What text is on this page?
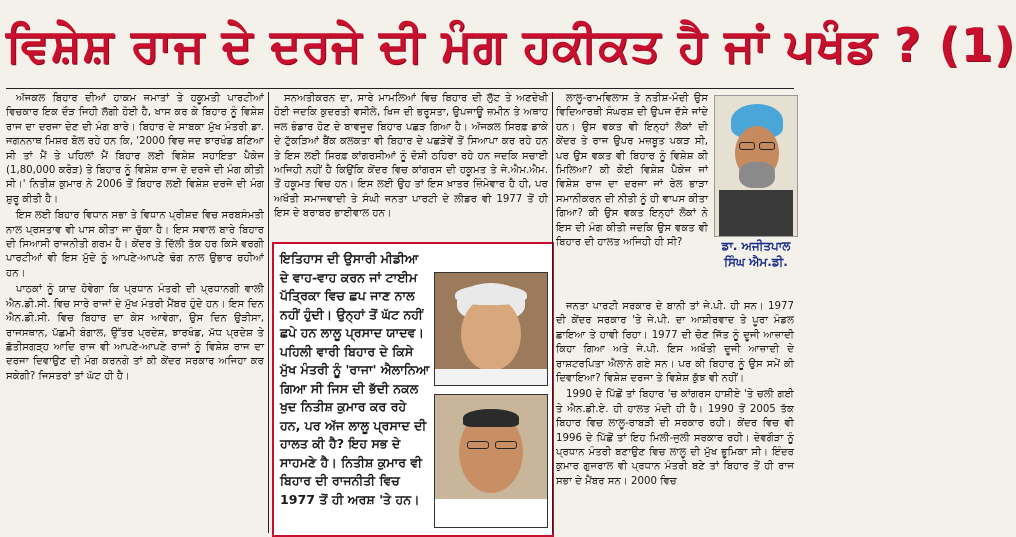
ਵਿਸ਼ੇਸ਼ ਰਾਜ ਦੇ ਦਰਜੇ ਦੀ ਮੰਗ ਹਕੀਕਤ ਹੈ ਜਾਂ ਪਖੰਡ ? (1)

ਅੱਜਕਲ ਬਿਹਾਰ ਦੀਆਂ ਹਾਕਮ ਜਮਾਤਾਂ ਤੇ ਹਕੂਮਤੀ ਪਾਰਟੀਆਂ ਵਿਚਕਾਰ ਇਕ ਦੌੜ ਜਿਹੀ ਲੱਗੀ ਹੋਈ ਹੈ, ਖਾਸ ਕਰ ਕੇ ਬਿਹਾਰ ਨੂੰ ਵਿਸ਼ੇਸ਼ ਰਾਜ ਦਾ ਦਰਜਾ ਦੇਣ ਦੀ ਮੰਗ ਬਾਰੇ। ਬਿਹਾਰ ਦੇ ਸਾਬਕਾ ਮੁੱਖ ਮੰਤਰੀ ਡਾ. ਜਗਨਨਾਥ ਮਿਸ਼ਰ ਬੋਲ ਰਹੇ ਹਨ ਕਿ, '2000 ਵਿਚ ਜਦ ਝਾਰਖੰਡ ਬਣਿਆ ਸੀ ਤਾਂ ਮੈਂ ਤੇ ਪਹਿਲਾਂ ਮੈਂ ਬਿਹਾਰ ਲਈ ਵਿਸ਼ੇਸ਼ ਸਹਾਇਤਾ ਪੈਕੇਜ (1,80,000 ਕਰੋੜ) ਤੇ ਬਿਹਾਰ ਨੂੰ ਵਿਸ਼ੇਸ਼ ਰਾਜ ਦੇ ਦਰਜੇ ਦੀ ਮੰਗ ਕੀਤੀ ਸੀ।' ਨਿਤੀਸ਼ ਕੁਮਾਰ ਨੇ 2006 ਤੋਂ ਬਿਹਾਰ ਲਈ ਵਿਸ਼ੇਸ਼ ਦਰਜੇ ਦੀ ਮੰਗ ਸ਼ੁਰੂ ਕੀਤੀ ਹੈ।

ਇਸ ਲਈ ਬਿਹਾਰ ਵਿਧਾਨ ਸਭਾ ਤੇ ਵਿਧਾਨ ਪ੍ਰੀਸ਼ਦ ਵਿਚ ਸਰਬਸੰਮਤੀ ਨਾਲ ਪ੍ਰਸਤਾਵ ਵੀ ਪਾਸ ਕੀਤਾ ਜਾ ਚੁੱਕਾ ਹੈ। ਇਸ ਸਵਾਲ ਬਾਰੇ ਬਿਹਾਰ ਦੀ ਸਿਆਸੀ ਰਾਜਨੀਤੀ ਗਰਮ ਹੈ। ਕੇਂਦਰ ਤੇ ਦਿੱਲੀ ਤੱਕ ਹਰ ਕਿਸੇ ਵਰਗੀ ਪਾਰਟੀਆਂ ਵੀ ਇਸ ਮੁੱਦੇ ਨੂੰ ਆਪਣੇ-ਆਪਣੇ ਢੰਗ ਨਾਲ ਉਭਾਰ ਰਹੀਆਂ ਹਨ।

ਪਾਠਕਾਂ ਨੂੰ ਯਾਦ ਹੋਵੇਗਾ ਕਿ ਪ੍ਰਧਾਨ ਮੰਤਰੀ ਦੀ ਪ੍ਰਧਾਨਗੀ ਵਾਲੀ ਐਨ.ਡੀ.ਸੀ. ਵਿਚ ਸਾਰੇ ਰਾਜਾਂ ਦੇ ਮੁੱਖ ਮੰਤਰੀ ਮੈਂਬਰ ਹੁੰਦੇ ਹਨ। ਇਸ ਦਿਨ ਐਨ.ਡੀ.ਸੀ. ਵਿਚ ਬਿਹਾਰ ਦਾ ਕੇਸ ਆਵੇਗਾ, ਉਸ ਦਿਨ ਉੜੀਸਾ, ਰਾਜਸਥਾਨ, ਪੱਛਮੀ ਬੰਗਾਲ, ਉੱਤਰ ਪ੍ਰਦੇਸ਼, ਝਾਰਖੰਡ, ਮੱਧ ਪ੍ਰਦੇਸ਼ ਤੇ ਛੱਤੀਸਗੜ੍ਹ ਆਦਿ ਰਾਜ ਵੀ ਆਪਣੇ-ਆਪਣੇ ਰਾਜਾਂ ਨੂੰ ਵਿਸ਼ੇਸ਼ ਰਾਜ ਦਾ ਦਰਜਾ ਦਿਵਾਉਣ ਦੀ ਮੰਗ ਕਰਨਗੇ ਤਾਂ ਕੀ ਕੇਂਦਰ ਸਰਕਾਰ ਅਜਿਹਾ ਕਰ ਸਕੇਗੀ? ਜਿਸਤਰਾਂ ਤਾਂ ਘੱਟ ਹੀ ਹੈ।

ਸਨਅਤੀਕਰਨ ਦਾ, ਸਾਰੇ ਮਾਮਲਿਆਂ ਵਿਚ ਬਿਹਾਰ ਦੀ ਲੁੱਟ ਤੇ ਅਣਦੇਖੀ ਹੋਈ ਜਦਕਿ ਕੁਦਰਤੀ ਵਸੀਲੇ, ਖਿਜ ਦੀ ਭਰੂਸਤਾ, ਉਪਜਾਊ ਜ਼ਮੀਨ ਤੇ ਅਥਾਹ ਜਲ ਭੰਡਾਰ ਹੋਣ ਦੇ ਬਾਵਜੂਦ ਬਿਹਾਰ ਪਛੜ ਗਿਆ ਹੈ। ਅੱਜਕਲ ਸਿਰਫ਼ ਡਾਕੇ ਦੇ ਟੁੱਕੜਿਆਂ ਬੈਂਕ ਕਲਕਤਾ ਵੀ ਬਿਹਾਰ ਦੇ ਪਛੜੇਵੇਂ ਤੋਂ ਸਿਆਪਾ ਕਰ ਰਹੇ ਹਨ ਤੇ ਇਸ ਲਈ ਸਿਰਫ਼ ਕਾਂਗਰਸੀਆਂ ਨੂੰ ਦੋਸ਼ੀ ਠਹਿਰਾ ਰਹੇ ਹਨ ਜਦਕਿ ਸਚਾਈ ਅਜਿਹੀ ਨਹੀਂ ਹੈ ਕਿਉਂਕਿ ਕੇਂਦਰ ਵਿਚ ਕਾਂਗਰਸ ਦੀ ਹਕੂਮਤ ਤੇ ਜੇ.ਐਮ.ਐਮ. ਤੋਂ ਹਕੂਮਤ ਵਿਚ ਹਨ। ਇਸ ਲਈ ਉਹ ਤਾਂ ਇਸ ਖ਼ਾਤਰ ਜ਼ਿੰਮੇਵਾਰ ਹੈ ਹੀ, ਪਰ ਅਖੌਤੀ ਸਮਾਜਵਾਦੀ ਤੇ ਸੰਘੀ ਜਨਤਾ ਪਾਰਟੀ ਦੇ ਲੀਡਰ ਵੀ 1977 ਤੋਂ ਹੀ ਇਸ ਦੇ ਬਰਾਬਰ ਭਾਈਵਾਲ ਹਨ।

ਇਤਿਹਾਸ ਦੀ ਉਸਾਰੀ ਮੀਡੀਆ ਦੇ ਵਾਹ-ਵਾਹ ਕਰਨ ਜਾਂ ਟਾਈਮ ਪੱਤ੍ਰਿਕਾ ਵਿਚ ਛਪ ਜਾਣ ਨਾਲ ਨਹੀਂ ਹੁੰਦੀ। ਉਨ੍ਹਾਂ ਤੋਂ ਘੱਟ ਨਹੀਂ ਛਪੇ ਹਨ ਲਾਲੂ ਪ੍ਰਸਾਦ ਯਾਦਵ। ਪਹਿਲੀ ਵਾਰੀ ਬਿਹਾਰ ਦੇ ਕਿਸੇ ਮੁੱਖ ਮੰਤਰੀ ਨੂੰ 'ਰਾਜਾ' ਐਲਾਨਿਆ ਗਿਆ ਸੀ ਜਿਸ ਦੀ ਭੱਦੀ ਨਕਲ ਖੁਦ ਨਿਤੀਸ਼ ਕੁਮਾਰ ਕਰ ਰਹੇ ਹਨ, ਪਰ ਅੱਜ ਲਾਲੂ ਪ੍ਰਸਾਦ ਦੀ ਹਾਲਤ ਕੀ ਹੈ? ਇਹ ਸਭ ਦੇ ਸਾਹਮਣੇ ਹੈ। ਨਿਤੀਸ਼ ਕੁਮਾਰ ਵੀ ਬਿਹਾਰ ਦੀ ਰਾਜਨੀਤੀ ਵਿਚ 1977 ਤੋਂ ਹੀ ਅਰਸ਼ 'ਤੇ ਹਨ।

ਲਾਲੂ-ਰਾਮਵਿਲਾਸ ਤੇ ਨਤੀਸ਼-ਮੋਦੀ ਉਸ ਵਿਦਿਆਰਥੀ ਸੰਘਰਸ਼ ਦੀ ਉਪਜ ਦੱਸੇ ਜਾਂਦੇ ਹਨ। ਉਸ ਵਕਤ ਵੀ ਇਨ੍ਹਾਂ ਲੋਕਾਂ ਦੀ ਕੇਂਦਰ ਤੇ ਰਾਜ ਉਪਰ ਮਜ਼ਬੂਤ ਪਕੜ ਸੀ, ਪਰ ਉਸ ਵਕਤ ਵੀ ਬਿਹਾਰ ਨੂੰ ਵਿਸ਼ੇਸ਼ ਕੀ ਮਿਲਿਆ? ਕੀ ਕੋਈ ਵਿਸ਼ੇਸ਼ ਪੈਕੇਜ ਜਾਂ ਵਿਸ਼ੇਸ਼ ਰਾਜ ਦਾ ਦਰਜਾ ਜਾਂ ਰੇਲ ਭਾੜਾ ਸਮਾਨੀਕਰਨ ਦੀ ਨੀਤੀ ਨੂੰ ਹੀ ਵਾਪਸ ਕੀਤਾ ਗਿਆ? ਕੀ ਉਸ ਵਕਤ ਇਨ੍ਹਾਂ ਲੋਕਾਂ ਨੇ ਇਸ ਦੀ ਮੰਗ ਕੀਤੀ ਜਦਕਿ ਉਸ ਵਕਤ ਵੀ ਬਿਹਾਰ ਦੀ ਹਾਲਤ ਅਜਿਹੀ ਹੀ ਸੀ?	ਡਾ. ਅਜੀਤਪਾਲ ਸਿੰਘ ਐਮ.ਡੀ.

ਜਨਤਾ ਪਾਰਟੀ ਸਰਕਾਰ ਦੇ ਬਾਨੀ ਤਾਂ ਜੇ.ਪੀ. ਹੀ ਸਨ। 1977 ਦੀ ਕੇਂਦਰ ਸਰਕਾਰ 'ਤੇ ਜੇ.ਪੀ. ਦਾ ਆਸ਼ੀਰਵਾਦ ਤੇ ਪੂਰਾ ਮੰਡਲ ਛਾਇਆ ਤੇ ਹਾਵੀ ਰਿਹਾ। 1977 ਦੀ ਚੋਣ ਜਿੱਤ ਨੂੰ ਦੂਜੀ ਆਜ਼ਾਦੀ ਕਿਹਾ ਗਿਆ ਅਤੇ ਜੇ.ਪੀ. ਇਸ ਅਖੌਤੀ ਦੂਜੀ ਆਜ਼ਾਦੀ ਦੇ ਰਾਸ਼ਟਰਪਿਤਾ ਐਲਾਨੇ ਗਏ ਸਨ। ਪਰ ਕੀ ਬਿਹਾਰ ਨੂੰ ਉਸ ਸਮੇਂ ਕੀ ਦਿਵਾਇਆ? ਵਿਸ਼ੇਸ਼ ਦਰਜਾ ਤੇ ਵਿਸ਼ੇਸ਼ ਕੁੱਝ ਵੀ ਨਹੀਂ।

1990 ਦੇ ਪਿੱਛੋਂ ਤਾਂ ਬਿਹਾਰ 'ਚ ਕਾਂਗਰਸ ਹਾਸ਼ੀਏ 'ਤੇ ਚਲੀ ਗਈ ਤੇ ਐਨ.ਡੀ.ਏ. ਹੀ ਹਾਲਤ ਮੰਦੀ ਹੀ ਹੈ। 1990 ਤੋਂ 2005 ਤੱਕ ਬਿਹਾਰ ਵਿਚ ਲਾਲੂ-ਰਾਬੜੀ ਦੀ ਸਰਕਾਰ ਰਹੀ। ਕੇਂਦਰ ਵਿਚ ਵੀ 1996 ਦੇ ਪਿੱਛੋਂ ਤਾਂ ਇਹ ਮਿਲੀ-ਜੁਲੀ ਸਰਕਾਰ ਰਹੀ। ਦੇਵਗੌੜਾ ਨੂੰ ਪ੍ਰਧਾਨ ਮੰਤਰੀ ਬਣਾਉਣ ਵਿਚ ਲਾਲੂ ਦੀ ਮੁੱਖ ਭੂਮਿਕਾ ਸੀ। ਇੰਦਰ ਕੁਮਾਰ ਗੁਜਰਾਲ ਵੀ ਪ੍ਰਧਾਨ ਮੰਤਰੀ ਬਣੇ ਤਾਂ ਬਿਹਾਰ ਤੋਂ ਹੀ ਰਾਜ ਸਭਾ ਦੇ ਮੈਂਬਰ ਸਨ। 2000 ਵਿਚ
